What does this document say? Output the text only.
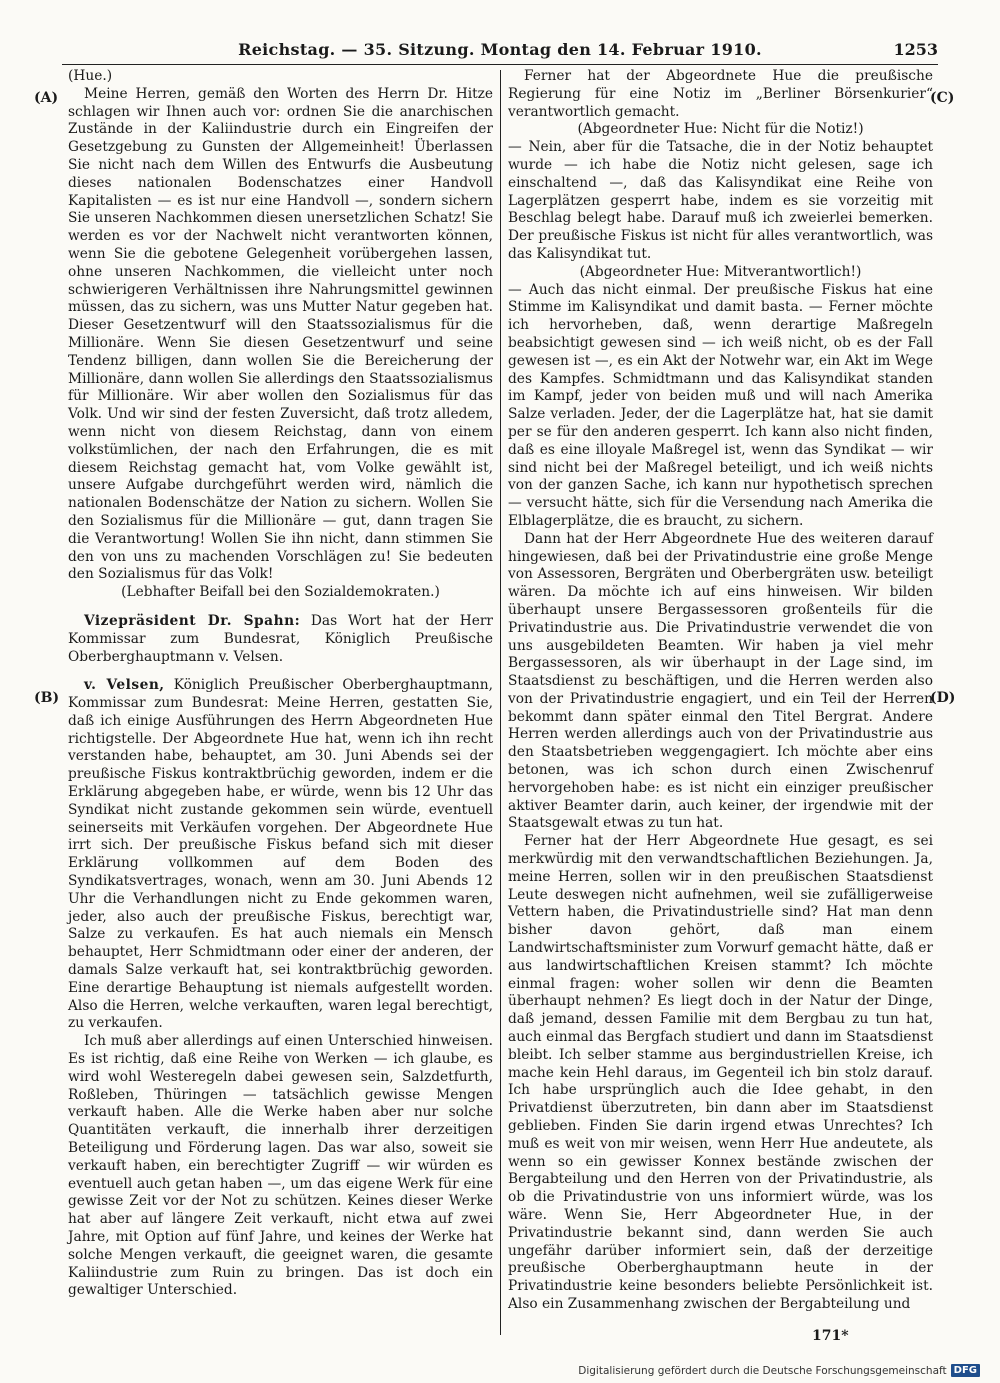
Reichstag. — 35. Sitzung. Montag den 14. Februar 1910.	1253
(A)
(B)
(C)
(D)

(Hue.)

Meine Herren, gemäß den Worten des Herrn Dr. Hitze schlagen wir Ihnen auch vor: ordnen Sie die anarchischen Zustände in der Kaliindustrie durch ein Eingreifen der Gesetzgebung zu Gunsten der Allgemeinheit! Überlassen Sie nicht nach dem Willen des Entwurfs die Ausbeutung dieses nationalen Bodenschatzes einer Handvoll Kapitalisten — es ist nur eine Handvoll —, sondern sichern Sie unseren Nachkommen diesen unersetzlichen Schatz! Sie werden es vor der Nachwelt nicht verantworten können, wenn Sie die gebotene Gelegenheit vorübergehen lassen, ohne unseren Nachkommen, die vielleicht unter noch schwierigeren Verhältnissen ihre Nahrungsmittel gewinnen müssen, das zu sichern, was uns Mutter Natur gegeben hat. Dieser Gesetzentwurf will den Staatssozialismus für die Millionäre. Wenn Sie diesen Gesetzentwurf und seine Tendenz billigen, dann wollen Sie die Bereicherung der Millionäre, dann wollen Sie allerdings den Staatssozialismus für Millionäre. Wir aber wollen den Sozialismus für das Volk. Und wir sind der festen Zuversicht, daß trotz alledem, wenn nicht von diesem Reichstag, dann von einem volkstümlichen, der nach den Erfahrungen, die es mit diesem Reichstag gemacht hat, vom Volke gewählt ist, unsere Aufgabe durchgeführt werden wird, nämlich die nationalen Bodenschätze der Nation zu sichern. Wollen Sie den Sozialismus für die Millionäre — gut, dann tragen Sie die Verantwortung! Wollen Sie ihn nicht, dann stimmen Sie den von uns zu machenden Vorschlägen zu! Sie bedeuten den Sozialismus für das Volk!

(Lebhafter Beifall bei den Sozialdemokraten.)

Vizepräsident Dr. Spahn: Das Wort hat der Herr Kommissar zum Bundesrat, Königlich Preußische Oberberghauptmann v. Velsen.

v. Velsen, Königlich Preußischer Oberberghauptmann, Kommissar zum Bundesrat: Meine Herren, gestatten Sie, daß ich einige Ausführungen des Herrn Abgeordneten Hue richtigstelle. Der Abgeordnete Hue hat, wenn ich ihn recht verstanden habe, behauptet, am 30. Juni Abends sei der preußische Fiskus kontraktbrüchig geworden, indem er die Erklärung abgegeben habe, er würde, wenn bis 12 Uhr das Syndikat nicht zustande gekommen sein würde, eventuell seinerseits mit Verkäufen vorgehen. Der Abgeordnete Hue irrt sich. Der preußische Fiskus befand sich mit dieser Erklärung vollkommen auf dem Boden des Syndikatsvertrages, wonach, wenn am 30. Juni Abends 12 Uhr die Verhandlungen nicht zu Ende gekommen waren, jeder, also auch der preußische Fiskus, berechtigt war, Salze zu verkaufen. Es hat auch niemals ein Mensch behauptet, Herr Schmidtmann oder einer der anderen, der damals Salze verkauft hat, sei kontraktbrüchig geworden. Eine derartige Behauptung ist niemals aufgestellt worden. Also die Herren, welche verkauften, waren legal berechtigt, zu verkaufen.

Ich muß aber allerdings auf einen Unterschied hinweisen. Es ist richtig, daß eine Reihe von Werken — ich glaube, es wird wohl Westeregeln dabei gewesen sein, Salzdetfurth, Roßleben, Thüringen — tatsächlich gewisse Mengen verkauft haben. Alle die Werke haben aber nur solche Quantitäten verkauft, die innerhalb ihrer derzeitigen Beteiligung und Förderung lagen. Das war also, soweit sie verkauft haben, ein berechtigter Zugriff — wir würden es eventuell auch getan haben —, um das eigene Werk für eine gewisse Zeit vor der Not zu schützen. Keines dieser Werke hat aber auf längere Zeit verkauft, nicht etwa auf zwei Jahre, mit Option auf fünf Jahre, und keines der Werke hat solche Mengen verkauft, die geeignet waren, die gesamte Kaliindustrie zum Ruin zu bringen. Das ist doch ein gewaltiger Unterschied.

Ferner hat der Abgeordnete Hue die preußische Regierung für eine Notiz im „Berliner Börsenkurier“ verantwortlich gemacht.

(Abgeordneter Hue: Nicht für die Notiz!)

— Nein, aber für die Tatsache, die in der Notiz behauptet wurde — ich habe die Notiz nicht gelesen, sage ich einschaltend —, daß das Kalisyndikat eine Reihe von Lagerplätzen gesperrt habe, indem es sie vorzeitig mit Beschlag belegt habe. Darauf muß ich zweierlei bemerken. Der preußische Fiskus ist nicht für alles verantwortlich, was das Kalisyndikat tut.

(Abgeordneter Hue: Mitverantwortlich!)

— Auch das nicht einmal. Der preußische Fiskus hat eine Stimme im Kalisyndikat und damit basta. — Ferner möchte ich hervorheben, daß, wenn derartige Maßregeln beabsichtigt gewesen sind — ich weiß nicht, ob es der Fall gewesen ist —, es ein Akt der Notwehr war, ein Akt im Wege des Kampfes. Schmidtmann und das Kalisyndikat standen im Kampf, jeder von beiden muß und will nach Amerika Salze verladen. Jeder, der die Lagerplätze hat, hat sie damit per se für den anderen gesperrt. Ich kann also nicht finden, daß es eine illoyale Maßregel ist, wenn das Syndikat — wir sind nicht bei der Maßregel beteiligt, und ich weiß nichts von der ganzen Sache, ich kann nur hypothetisch sprechen — versucht hätte, sich für die Versendung nach Amerika die Elblagerplätze, die es braucht, zu sichern.

Dann hat der Herr Abgeordnete Hue des weiteren darauf hingewiesen, daß bei der Privatindustrie eine große Menge von Assessoren, Bergräten und Oberbergräten usw. beteiligt wären. Da möchte ich auf eins hinweisen. Wir bilden überhaupt unsere Bergassessoren großenteils für die Privatindustrie aus. Die Privatindustrie verwendet die von uns ausgebildeten Beamten. Wir haben ja viel mehr Bergassessoren, als wir überhaupt in der Lage sind, im Staatsdienst zu beschäftigen, und die Herren werden also von der Privatindustrie engagiert, und ein Teil der Herren bekommt dann später einmal den Titel Bergrat. Andere Herren werden allerdings auch von der Privatindustrie aus den Staatsbetrieben weggengagiert. Ich möchte aber eins betonen, was ich schon durch einen Zwischenruf hervorgehoben habe: es ist nicht ein einziger preußischer aktiver Beamter darin, auch keiner, der irgendwie mit der Staatsgewalt etwas zu tun hat.

Ferner hat der Herr Abgeordnete Hue gesagt, es sei merkwürdig mit den verwandtschaftlichen Beziehungen. Ja, meine Herren, sollen wir in den preußischen Staatsdienst Leute deswegen nicht aufnehmen, weil sie zufälligerweise Vettern haben, die Privatindustrielle sind? Hat man denn bisher davon gehört, daß man einem Landwirtschaftsminister zum Vorwurf gemacht hätte, daß er aus landwirtschaftlichen Kreisen stammt? Ich möchte einmal fragen: woher sollen wir denn die Beamten überhaupt nehmen? Es liegt doch in der Natur der Dinge, daß jemand, dessen Familie mit dem Bergbau zu tun hat, auch einmal das Bergfach studiert und dann im Staatsdienst bleibt. Ich selber stamme aus bergindustriellen Kreise, ich mache kein Hehl daraus, im Gegenteil ich bin stolz darauf. Ich habe ursprünglich auch die Idee gehabt, in den Privatdienst überzutreten, bin dann aber im Staatsdienst geblieben. Finden Sie darin irgend etwas Unrechtes? Ich muß es weit von mir weisen, wenn Herr Hue andeutete, als wenn so ein gewisser Konnex bestände zwischen der Bergabteilung und den Herren von der Privatindustrie, als ob die Privatindustrie von uns informiert würde, was los wäre. Wenn Sie, Herr Abgeordneter Hue, in der Privatindustrie bekannt sind, dann werden Sie auch ungefähr darüber informiert sein, daß der derzeitige preußische Oberberghauptmann heute in der Privatindustrie keine besonders beliebte Persönlichkeit ist. Also ein Zusammenhang zwischen der Bergabteilung und

171*
Digitalisierung gefördert durch die Deutsche Forschungsgemeinschaft DFG
